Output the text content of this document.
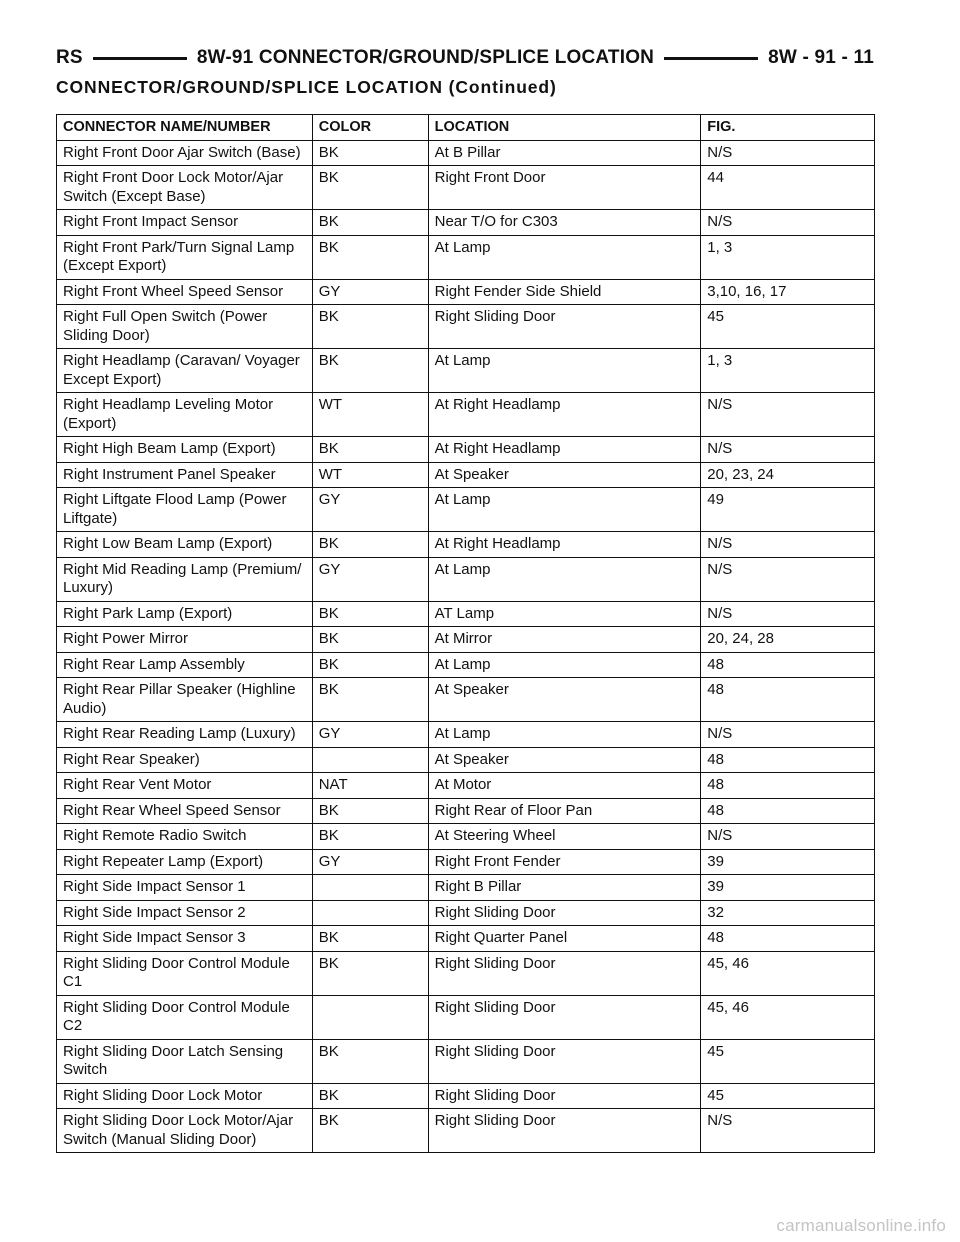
RS	8W-91 CONNECTOR/GROUND/SPLICE LOCATION	8W - 91 - 11
CONNECTOR/GROUND/SPLICE LOCATION (Continued)
CONNECTOR NAME/NUMBER	COLOR	LOCATION	FIG.
Right Front Door Ajar Switch (Base)	BK	At B Pillar	N/S
Right Front Door Lock Motor/Ajar Switch (Except Base)	BK	Right Front Door	44
Right Front Impact Sensor	BK	Near T/O for C303	N/S
Right Front Park/Turn Signal Lamp (Except Export)	BK	At Lamp	1, 3
Right Front Wheel Speed Sensor	GY	Right Fender Side Shield	3,10, 16, 17
Right Full Open Switch (Power Sliding Door)	BK	Right Sliding Door	45
Right Headlamp (Caravan/ Voyager Except Export)	BK	At Lamp	1, 3
Right Headlamp Leveling Motor (Export)	WT	At Right Headlamp	N/S
Right High Beam Lamp (Export)	BK	At Right Headlamp	N/S
Right Instrument Panel Speaker	WT	At Speaker	20, 23, 24
Right Liftgate Flood Lamp (Power Liftgate)	GY	At Lamp	49
Right Low Beam Lamp (Export)	BK	At Right Headlamp	N/S
Right Mid Reading Lamp (Premium/ Luxury)	GY	At Lamp	N/S
Right Park Lamp (Export)	BK	AT Lamp	N/S
Right Power Mirror	BK	At Mirror	20, 24, 28
Right Rear Lamp Assembly	BK	At Lamp	48
Right Rear Pillar Speaker (Highline Audio)	BK	At Speaker	48
Right Rear Reading Lamp (Luxury)	GY	At Lamp	N/S
Right Rear Speaker)		At Speaker	48
Right Rear Vent Motor	NAT	At Motor	48
Right Rear Wheel Speed Sensor	BK	Right Rear of Floor Pan	48
Right Remote Radio Switch	BK	At Steering Wheel	N/S
Right Repeater Lamp (Export)	GY	Right Front Fender	39
Right Side Impact Sensor 1		Right B Pillar	39
Right Side Impact Sensor 2		Right Sliding Door	32
Right Side Impact Sensor 3	BK	Right Quarter Panel	48
Right Sliding Door Control Module C1	BK	Right Sliding Door	45, 46
Right Sliding Door Control Module C2		Right Sliding Door	45, 46
Right Sliding Door Latch Sensing Switch	BK	Right Sliding Door	45
Right Sliding Door Lock Motor	BK	Right Sliding Door	45
Right Sliding Door Lock Motor/Ajar Switch (Manual Sliding Door)	BK	Right Sliding Door	N/S
carmanualsonline.info
